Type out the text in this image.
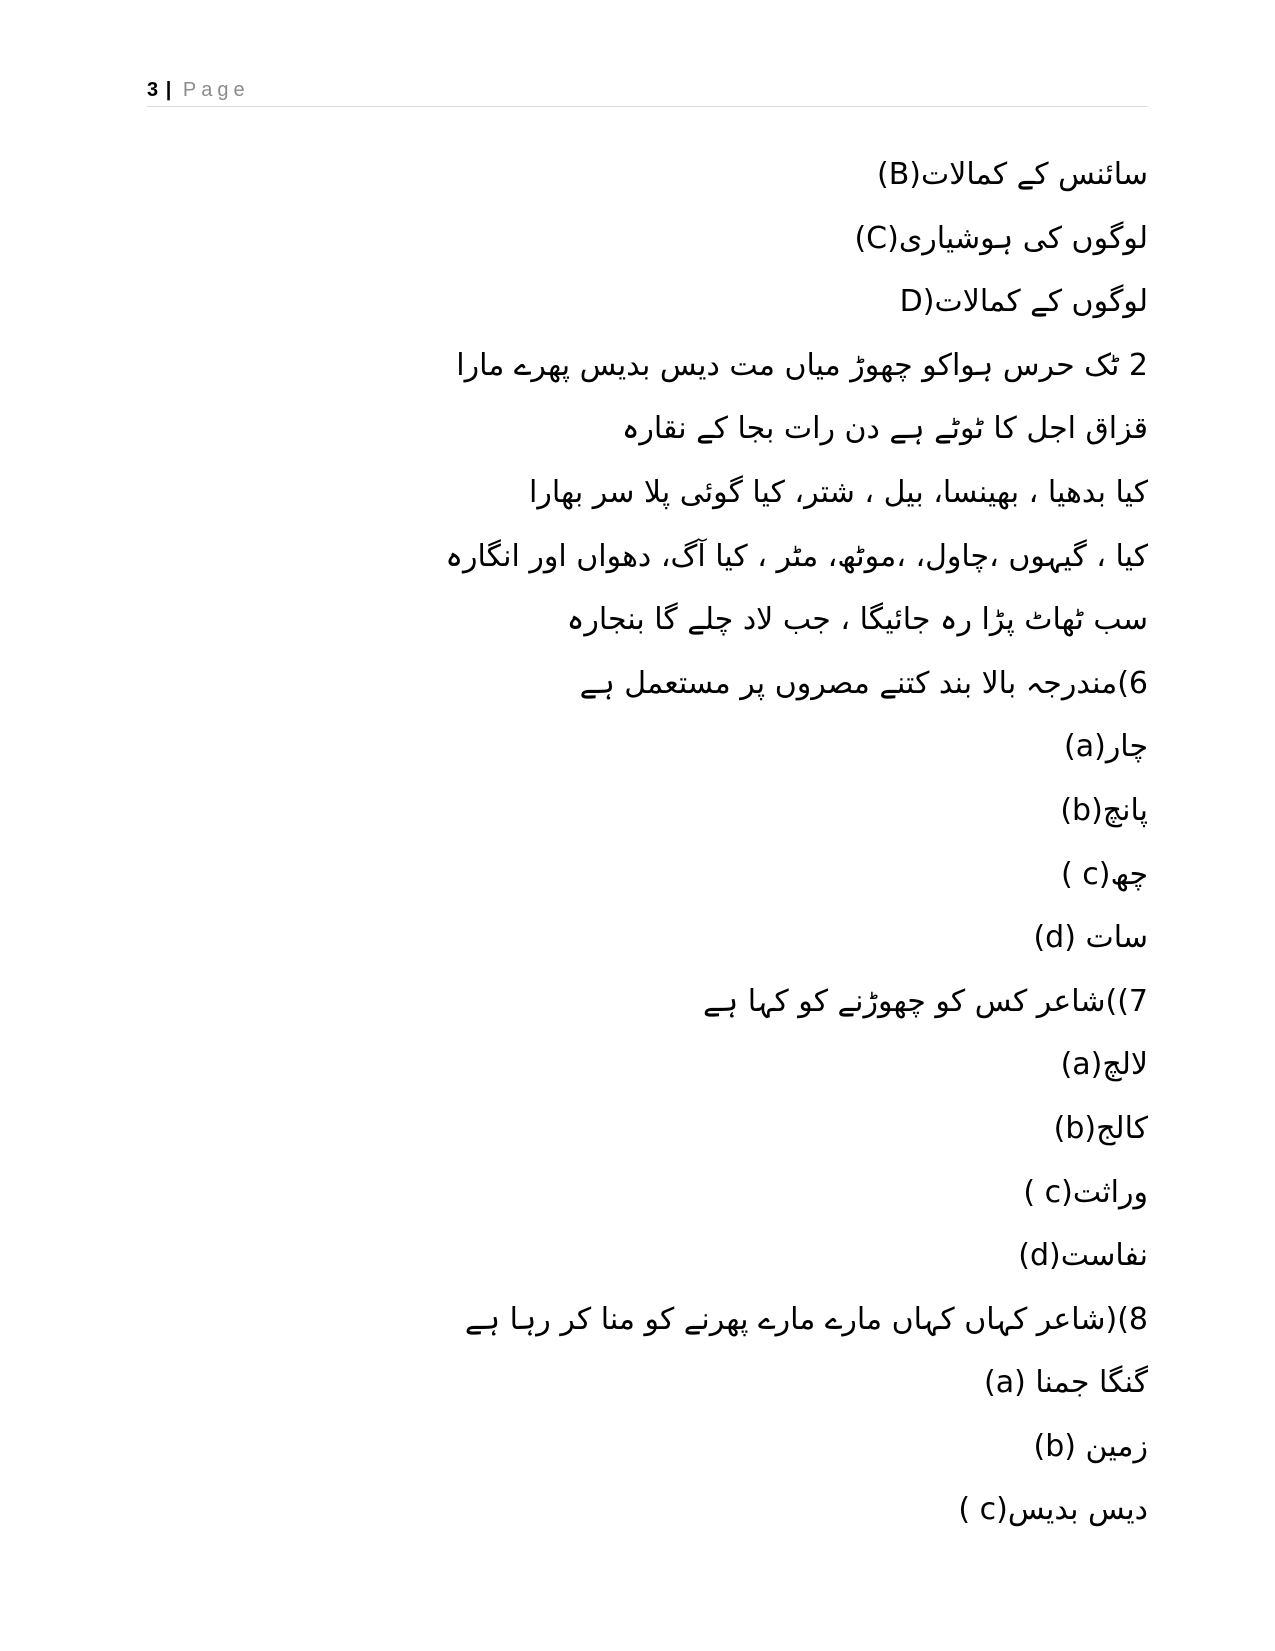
3 | Page
(B)سائنس کے کمالات
(C)لوگوں کی ہوشیاری
D)لوگوں کے کمالات
2 ٹک حرس ہواکو چھوڑ میاں مت دیس بدیس پھرے مارا
قزاق اجل کا ٹوٹے ہے دن رات بجا کے نقارہ
کیا بدھیا ، بھینسا، بیل ، شتر، کیا گوئی پلا سر بھارا
کیا ، گیہوں ،چاول، ،موٹھ، مٹر ، کیا آگ، دھواں اور انگارہ
سب ٹھاٹ پڑا رہ جائیگا ، جب لاد چلے گا بنجارہ
6)مندرجہ بالا بند کتنے مصروں پر مستعمل ہے
(a)چار
(b)پانچ
( c)چھ
(d) سات
7))شاعر کس کو چھوڑنے کو کہا ہے
(a)لالچ
(b)کالج
( c)وراثت
(d)نفاست
8)(شاعر کہاں کہاں مارے مارے پھرنے کو منا کر رہا ہے
(a) گنگا جمنا
(b) زمین
( c)دیس بدیس
